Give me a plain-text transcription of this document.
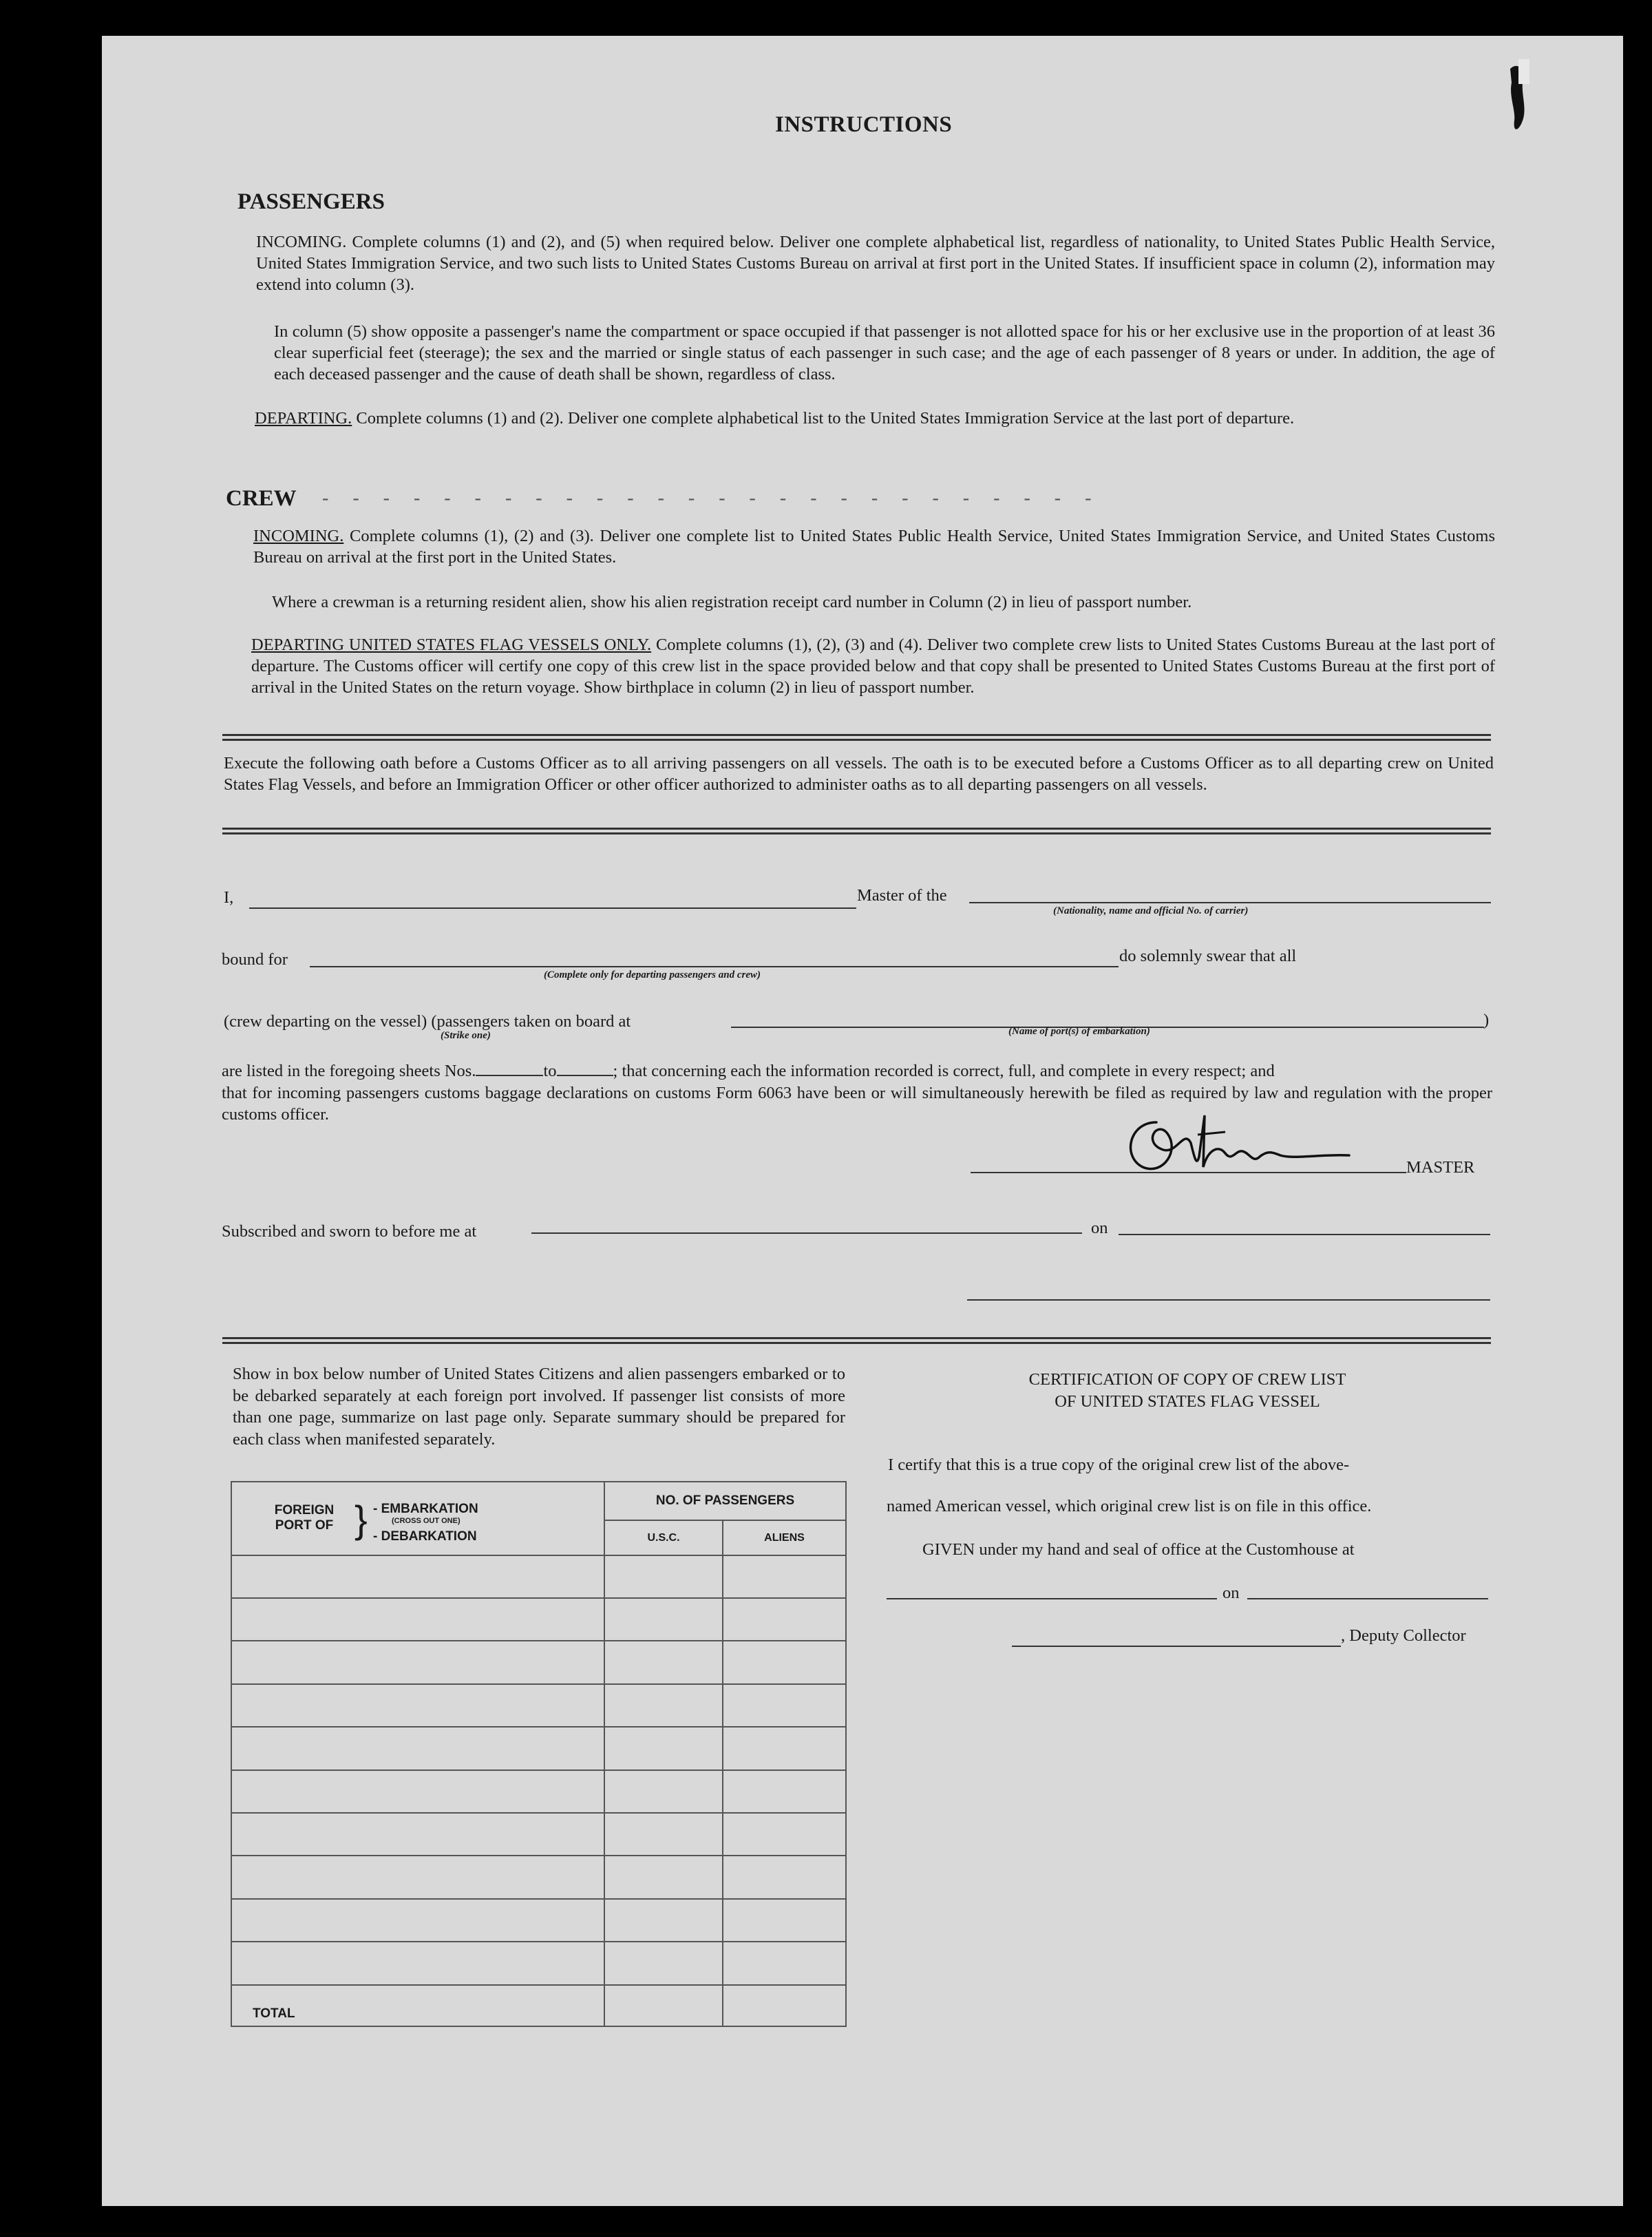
INSTRUCTIONS
PASSENGERS
INCOMING. Complete columns (1) and (2), and (5) when required below. Deliver one complete alphabetical list, regardless of nationality, to United States Public Health Service, United States Immigration Service, and two such lists to United States Customs Bureau on arrival at first port in the United States. If insufficient space in column (2), information may extend into column (3).
In column (5) show opposite a passenger's name the compartment or space occupied if that passenger is not allotted space for his or her exclusive use in the proportion of at least 36 clear superficial feet (steerage); the sex and the married or single status of each passenger in such case; and the age of each passenger of 8 years or under. In addition, the age of each deceased passenger and the cause of death shall be shown, regardless of class.
DEPARTING. Complete columns (1) and (2). Deliver one complete alphabetical list to the United States Immigration Service at the last port of departure.
CREW - - - - - - - - - - - - - - - - - - - - - - - - - -
INCOMING. Complete columns (1), (2) and (3). Deliver one complete list to United States Public Health Service, United States Immigration Service, and United States Customs Bureau on arrival at the first port in the United States.
Where a crewman is a returning resident alien, show his alien registration receipt card number in Column (2) in lieu of passport number.
DEPARTING UNITED STATES FLAG VESSELS ONLY. Complete columns (1), (2), (3) and (4). Deliver two complete crew lists to United States Customs Bureau at the last port of departure. The Customs officer will certify one copy of this crew list in the space provided below and that copy shall be presented to United States Customs Bureau at the first port of arrival in the United States on the return voyage. Show birthplace in column (2) in lieu of passport number.
Execute the following oath before a Customs Officer as to all arriving passengers on all vessels. The oath is to be executed before a Customs Officer as to all departing crew on United States Flag Vessels, and before an Immigration Officer or other officer authorized to administer oaths as to all departing passengers on all vessels.
I,	Master of the
(Nationality, name and official No. of carrier)
bound for
(Complete only for departing passengers and crew)
do solemnly swear that all
(crew departing on the vessel) (passengers taken on board at	)
(Strike one)	(Name of port(s) of embarkation)
are listed in the foregoing sheets Nos.	to	; that concerning each the information recorded is correct, full, and complete in every respect; and
that for incoming passengers customs baggage declarations on customs Form 6063 have been or will simultaneously herewith be filed as required by law and regulation with the proper customs officer.
MASTER
Subscribed and sworn to before me at	on
Show in box below number of United States Citizens and alien passengers embarked or to be debarked separately at each foreign port involved. If passenger list consists of more than one page, summarize on last page only. Separate summary should be prepared for each class when manifested separately.
FOREIGN PORT OF } - EMBARKATION
(CROSS OUT ONE)
- DEBARKATION	NO. OF PASSENGERS	
	U.S.C.	ALIENS

TOTAL		
CERTIFICATION OF COPY OF CREW LIST
OF UNITED STATES FLAG VESSEL
I certify that this is a true copy of the original crew list of the above-
named American vessel, which original crew list is on file in this office.
GIVEN under my hand and seal of office at the Customhouse at
on
, Deputy Collector
